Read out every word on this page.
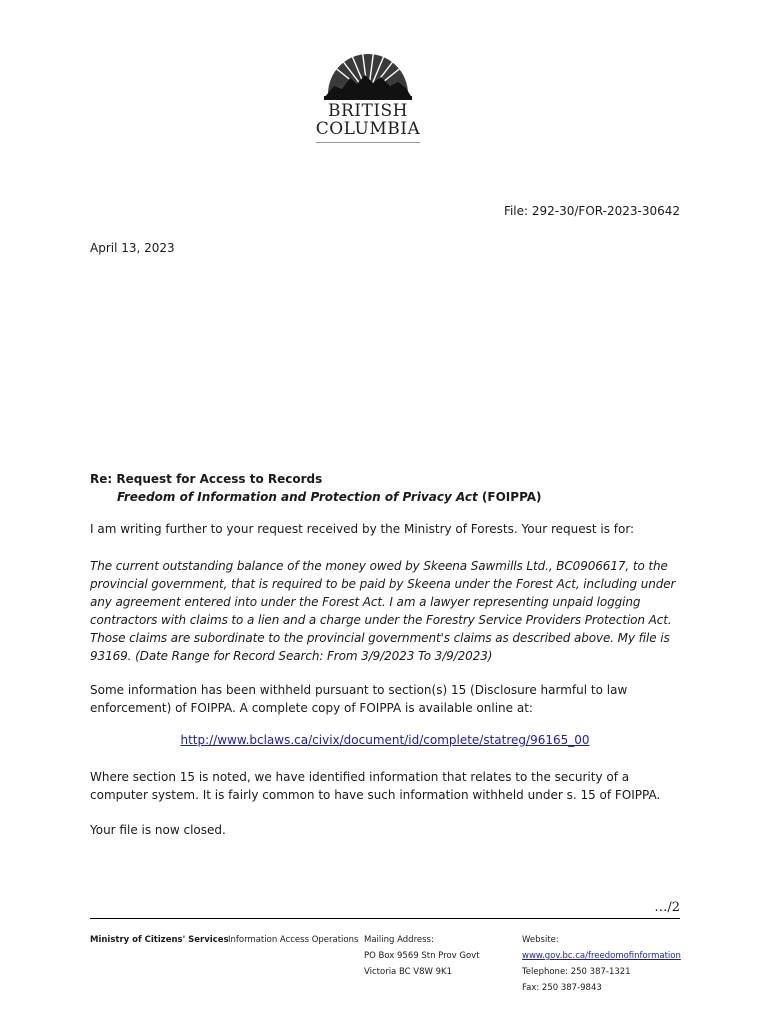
BRITISH
COLUMBIA
File: 292-30/FOR-2023-30642
April 13, 2023
Re: Request for Access to Records
Freedom of Information and Protection of Privacy Act (FOIPPA)

I am writing further to your request received by the Ministry of Forests. Your request is for:

The current outstanding balance of the money owed by Skeena Sawmills Ltd., BC0906617, to the provincial government, that is required to be paid by Skeena under the Forest Act, including under any agreement entered into under the Forest Act. I am a lawyer representing unpaid logging contractors with claims to a lien and a charge under the Forestry Service Providers Protection Act. Those claims are subordinate to the provincial government's claims as described above. My file is 93169. (Date Range for Record Search: From 3/9/2023 To 3/9/2023)

Some information has been withheld pursuant to section(s) 15 (Disclosure harmful to law enforcement) of FOIPPA. A complete copy of FOIPPA is available online at:

http://www.bclaws.ca/civix/document/id/complete/statreg/96165_00

Where section 15 is noted, we have identified information that relates to the security of a computer system. It is fairly common to have such information withheld under s. 15 of FOIPPA.

Your file is now closed.

…/2
Ministry of Citizens' Services Information Access Operations Mailing Address:
PO Box 9569 Stn Prov Govt
Victoria BC V8W 9K1
Website:
www.gov.bc.ca/freedomofinformation
Telephone: 250 387-1321
Fax: 250 387-9843
